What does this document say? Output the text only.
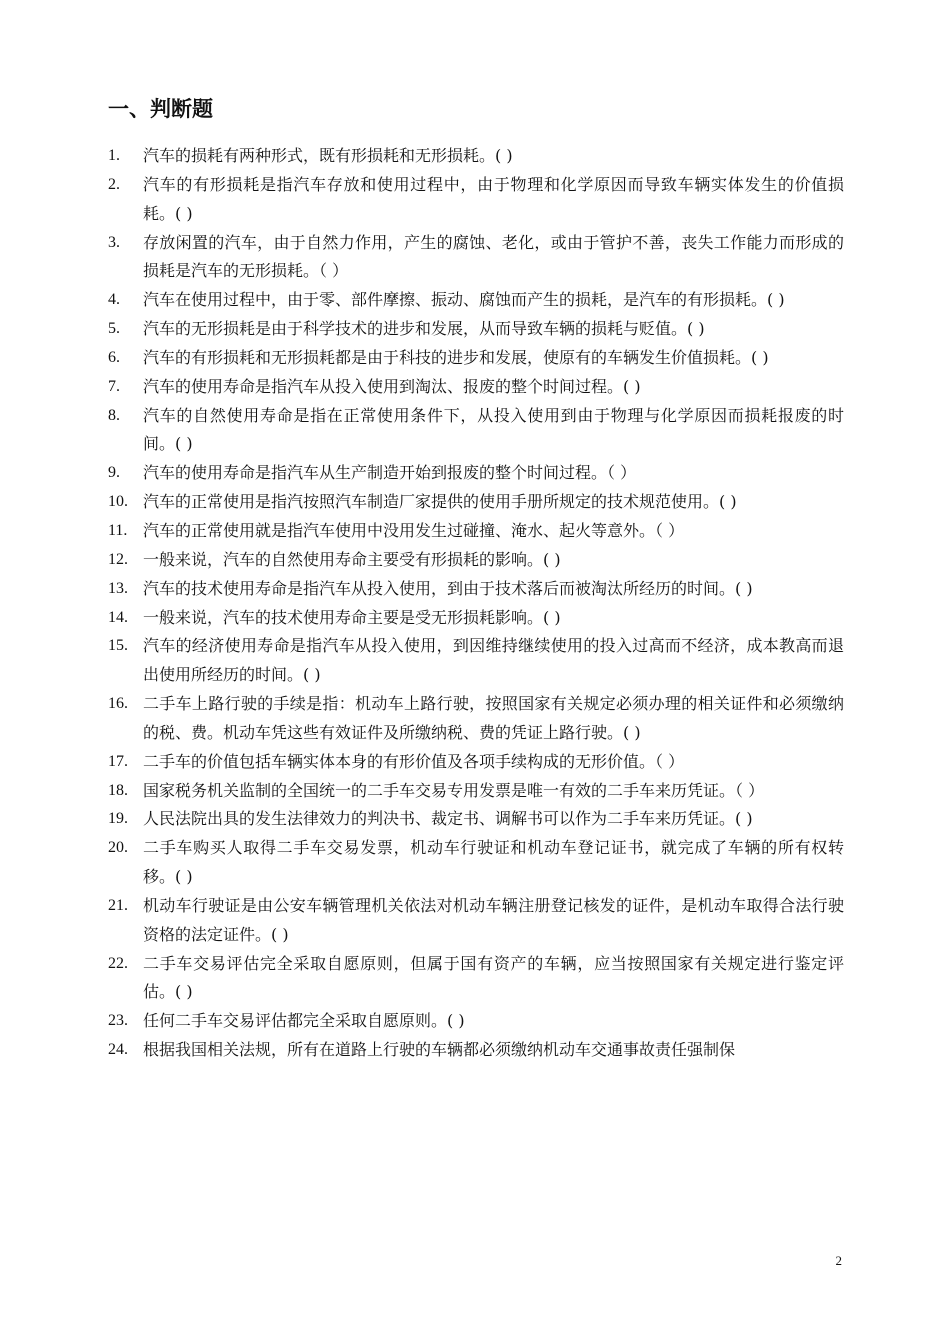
一、判断题
1. 汽车的损耗有两种形式，既有形损耗和无形损耗。( )
2. 汽车的有形损耗是指汽车存放和使用过程中，由于物理和化学原因而导致车辆实体发生的价值损耗。( )
3. 存放闲置的汽车，由于自然力作用，产生的腐蚀、老化，或由于管护不善，丧失工作能力而形成的损耗是汽车的无形损耗。（ ）
4. 汽车在使用过程中，由于零、部件摩擦、振动、腐蚀而产生的损耗，是汽车的有形损耗。( )
5. 汽车的无形损耗是由于科学技术的进步和发展，从而导致车辆的损耗与贬值。( )
6. 汽车的有形损耗和无形损耗都是由于科技的进步和发展，使原有的车辆发生价值损耗。( )
7. 汽车的使用寿命是指汽车从投入使用到淘汰、报废的整个时间过程。( )
8. 汽车的自然使用寿命是指在正常使用条件下，从投入使用到由于物理与化学原因而损耗报废的时间。( )
9. 汽车的使用寿命是指汽车从生产制造开始到报废的整个时间过程。（ ）
10. 汽车的正常使用是指汽按照汽车制造厂家提供的使用手册所规定的技术规范使用。( )
11. 汽车的正常使用就是指汽车使用中没用发生过碰撞、淹水、起火等意外。（ ）
12. 一般来说，汽车的自然使用寿命主要受有形损耗的影响。( )
13. 汽车的技术使用寿命是指汽车从投入使用，到由于技术落后而被淘汰所经历的时间。( )
14. 一般来说，汽车的技术使用寿命主要是受无形损耗影响。( )
15. 汽车的经济使用寿命是指汽车从投入使用，到因维持继续使用的投入过高而不经济，成本教高而退出使用所经历的时间。( )
16. 二手车上路行驶的手续是指：机动车上路行驶，按照国家有关规定必须办理的相关证件和必须缴纳的税、费。机动车凭这些有效证件及所缴纳税、费的凭证上路行驶。( )
17. 二手车的价值包括车辆实体本身的有形价值及各项手续构成的无形价值。（ ）
18. 国家税务机关监制的全国统一的二手车交易专用发票是唯一有效的二手车来历凭证。（ ）
19. 人民法院出具的发生法律效力的判决书、裁定书、调解书可以作为二手车来历凭证。( )
20. 二手车购买人取得二手车交易发票，机动车行驶证和机动车登记证书，就完成了车辆的所有权转移。( )
21. 机动车行驶证是由公安车辆管理机关依法对机动车辆注册登记核发的证件，是机动车取得合法行驶资格的法定证件。( )
22. 二手车交易评估完全采取自愿原则，但属于国有资产的车辆，应当按照国家有关规定进行鉴定评估。( )
23. 任何二手车交易评估都完全采取自愿原则。( )
24. 根据我国相关法规，所有在道路上行驶的车辆都必须缴纳机动车交通事故责任强制保
2
